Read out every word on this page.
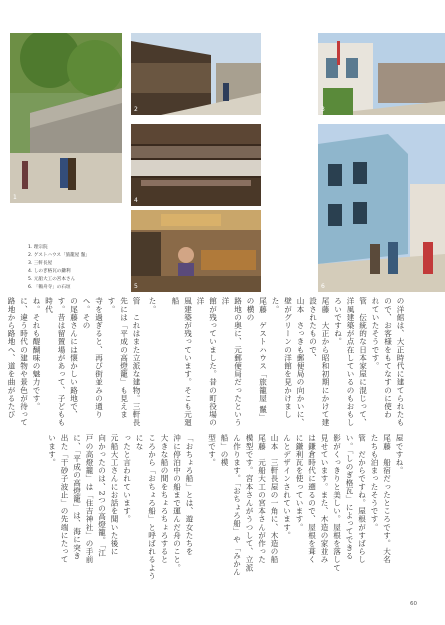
1
2	3
4
5	6
1. 理宗院
2. ゲストハウス「旅籠屋 鬣」
3. 三軒長屋
4. しのぎ格瓦の鎌利
5. 元船大工の宮本さん
6. 「鵜舟寺」の石垣

の洋館は、大正時代に建てられたも

ので、お客様をもてなすのに使わ

れていたそうです。

管　伝統的な日本家屋に混じって、

洋風建築が点在しているのもおもし

ろいですね。

尾藤　大正から昭和初期にかけて建

設されたもので、

山本　さっきも郵便局の向かいに、

壁がグリーンの洋館を見かけました。

尾藤　ゲストハウス「旅籠屋 鬣」の横の

路地の奥に、元郵便局だったという洋

館が残っていました。昔の町役場の洋

風建築が残っています。そこも元廻船

屋ですね。

尾藤　船宿だったところです。大名

たちも泊まったそうです。

管　だからですね。屋根がすばらし

い。「しのぎ格瓦」によってできる

影がくっきりと美しい。屋根を落して

見せています。また、木造の家並み

は鎌倉時代に遡るので、屋根を葺く

に鎌利瓦を使っています。

んとデザインされています。

山本　三軒長屋の一角に、木造の船

尾藤　元船大工の宮本さんが作った

模型です。宮本さんがうつして、立派

ん作ります。「おちょろ船」や「みかん船」の模

型です。

管　これはまた立派な建物。三軒長

先には「平成の高燈籠」も見えます。

寺を過ぎると、再び街並みの通りへ。その

の尾藤さんには懐かしい路地で、

す。昔は留置場があって、子どもも時代

ね。それも醍醐味の魅力です。

に、違う時代の建物や景色が待って

路地から路地へ、道を曲がるたび

「おちょろ船」とは、遊女たちを

沖に停泊中の船まで運んだ舟のこと。

大きな船の間をちょろちょろすると

ころから「おちょろ船」と呼ばれるようにな

ったと言われています。

元船大工さんにお話を聞いた後に

向かったのは、2つの高燈籠。「江

戸の高燈籠」は「住吉神社」の手前

に、「平成の高燈籠」は、海に突き

出た「干砂子波止」の先端にたって

います。

た。

60
